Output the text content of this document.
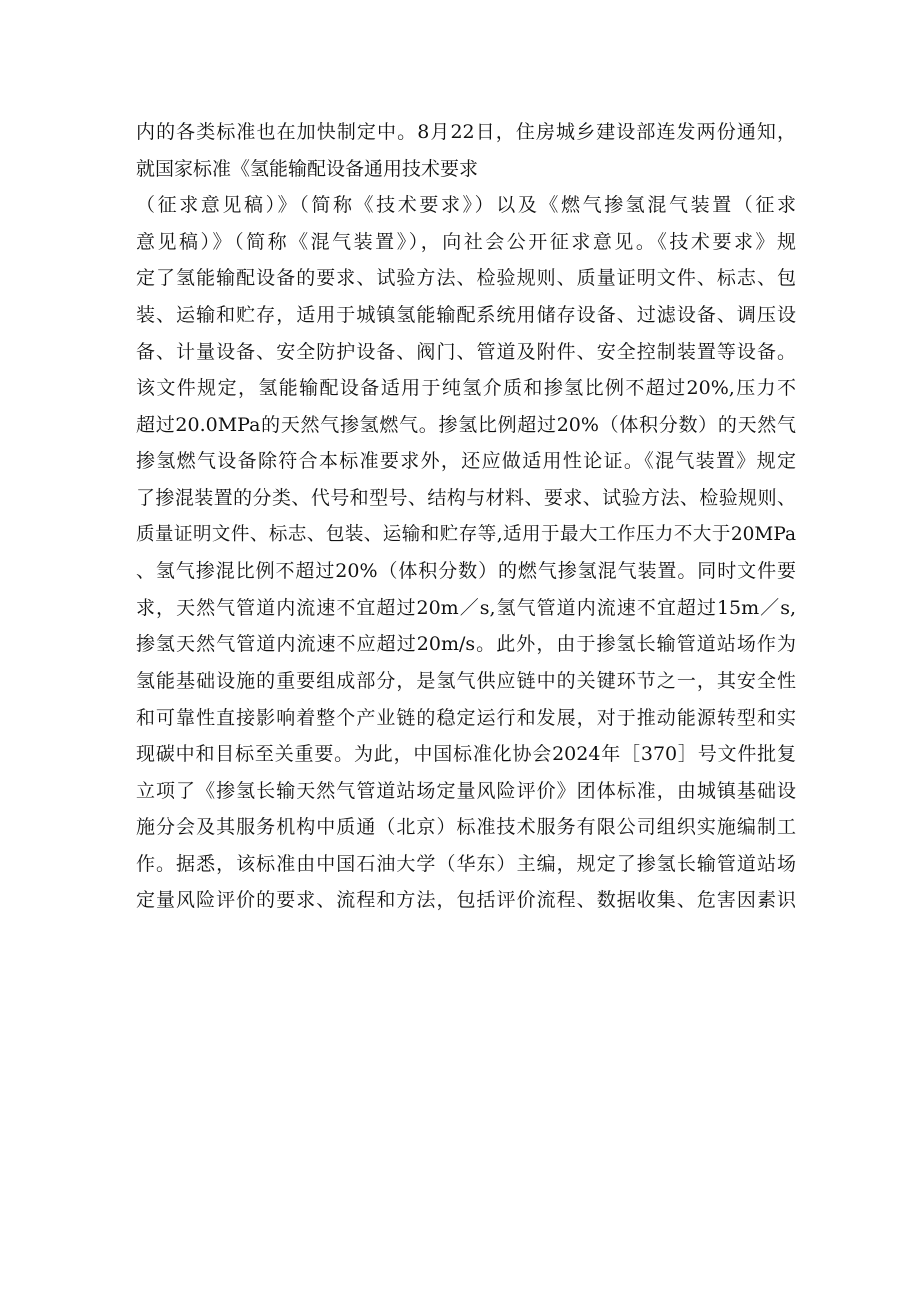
内的各类标准也在加快制定中。8月22日，住房城乡建设部连发两份通知，
就国家标准《氢能输配设备通用技术要求
（征求意见稿）》（简称《技术要求》）以及《燃气掺氢混气装置（征求
意见稿）》（简称《混气装置》），向社会公开征求意见。《技术要求》规
定了氢能输配设备的要求、试验方法、检验规则、质量证明文件、标志、包
装、运输和贮存，适用于城镇氢能输配系统用储存设备、过滤设备、调压设
备、计量设备、安全防护设备、阀门、管道及附件、安全控制装置等设备。
该文件规定，氢能输配设备适用于纯氢介质和掺氢比例不超过20%,压力不
超过20.0MPa的天然气掺氢燃气。掺氢比例超过20%（体积分数）的天然气
掺氢燃气设备除符合本标准要求外，还应做适用性论证。《混气装置》规定
了掺混装置的分类、代号和型号、结构与材料、要求、试验方法、检验规则、
质量证明文件、标志、包装、运输和贮存等,适用于最大工作压力不大于20MPa
、氢气掺混比例不超过20%（体积分数）的燃气掺氢混气装置。同时文件要
求，天然气管道内流速不宜超过20m／s,氢气管道内流速不宜超过15m／s,
掺氢天然气管道内流速不应超过20m/s。此外，由于掺氢长输管道站场作为
氢能基础设施的重要组成部分，是氢气供应链中的关键环节之一，其安全性
和可靠性直接影响着整个产业链的稳定运行和发展，对于推动能源转型和实
现碳中和目标至关重要。为此，中国标准化协会2024年［370］号文件批复
立项了《掺氢长输天然气管道站场定量风险评价》团体标准，由城镇基础设
施分会及其服务机构中质通（北京）标准技术服务有限公司组织实施编制工
作。据悉，该标准由中国石油大学（华东）主编，规定了掺氢长输管道站场
定量风险评价的要求、流程和方法，包括评价流程、数据收集、危害因素识
